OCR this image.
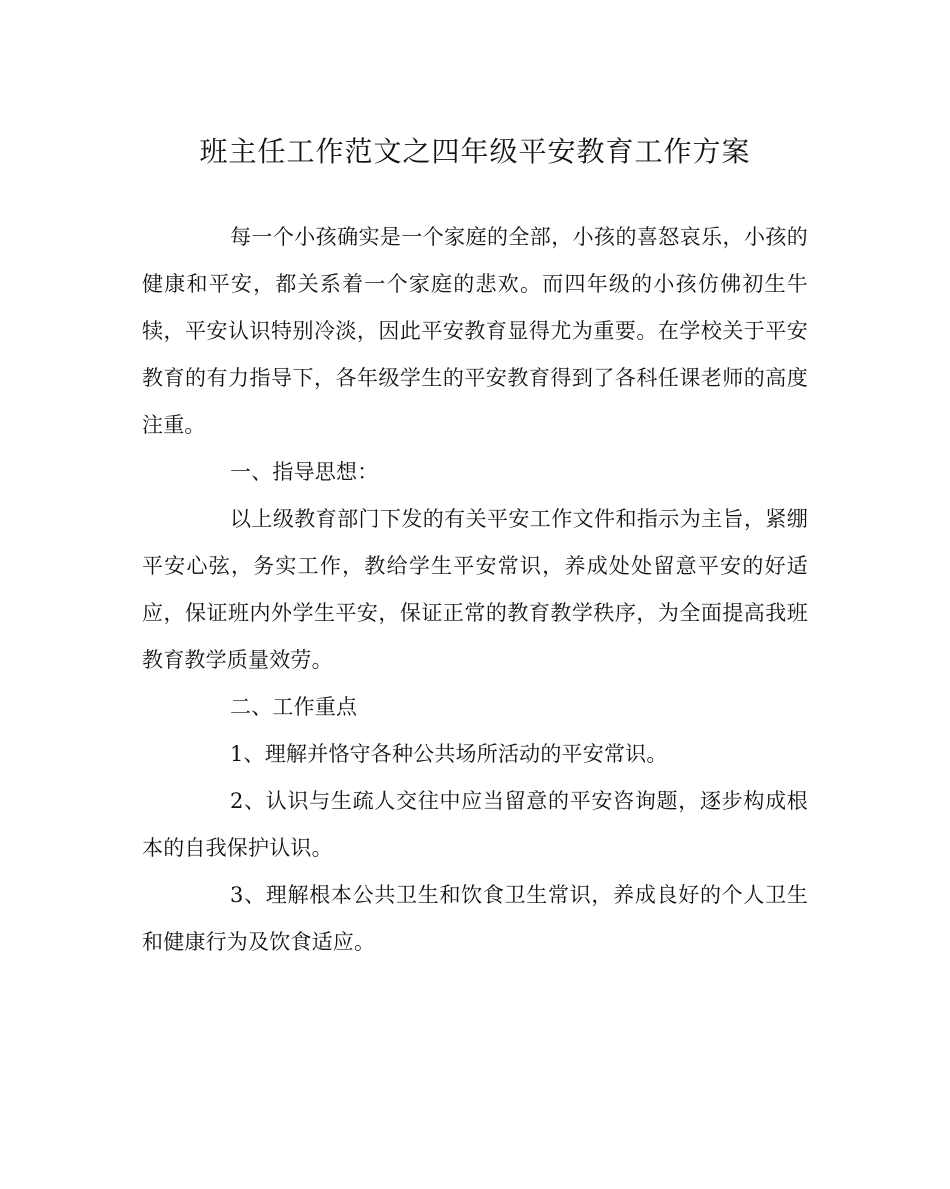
班主任工作范文之四年级平安教育工作方案

每一个小孩确实是一个家庭的全部，小孩的喜怒哀乐，小孩的健康和平安，都关系着一个家庭的悲欢。而四年级的小孩仿佛初生牛犊，平安认识特别冷淡，因此平安教育显得尤为重要。在学校关于平安教育的有力指导下，各年级学生的平安教育得到了各科任课老师的高度注重。

一、指导思想：

以上级教育部门下发的有关平安工作文件和指示为主旨，紧绷平安心弦，务实工作，教给学生平安常识，养成处处留意平安的好适应，保证班内外学生平安，保证正常的教育教学秩序，为全面提高我班教育教学质量效劳。

二、工作重点

1、理解并恪守各种公共场所活动的平安常识。

2、认识与生疏人交往中应当留意的平安咨询题，逐步构成根本的自我保护认识。

3、理解根本公共卫生和饮食卫生常识，养成良好的个人卫生和健康行为及饮食适应。
